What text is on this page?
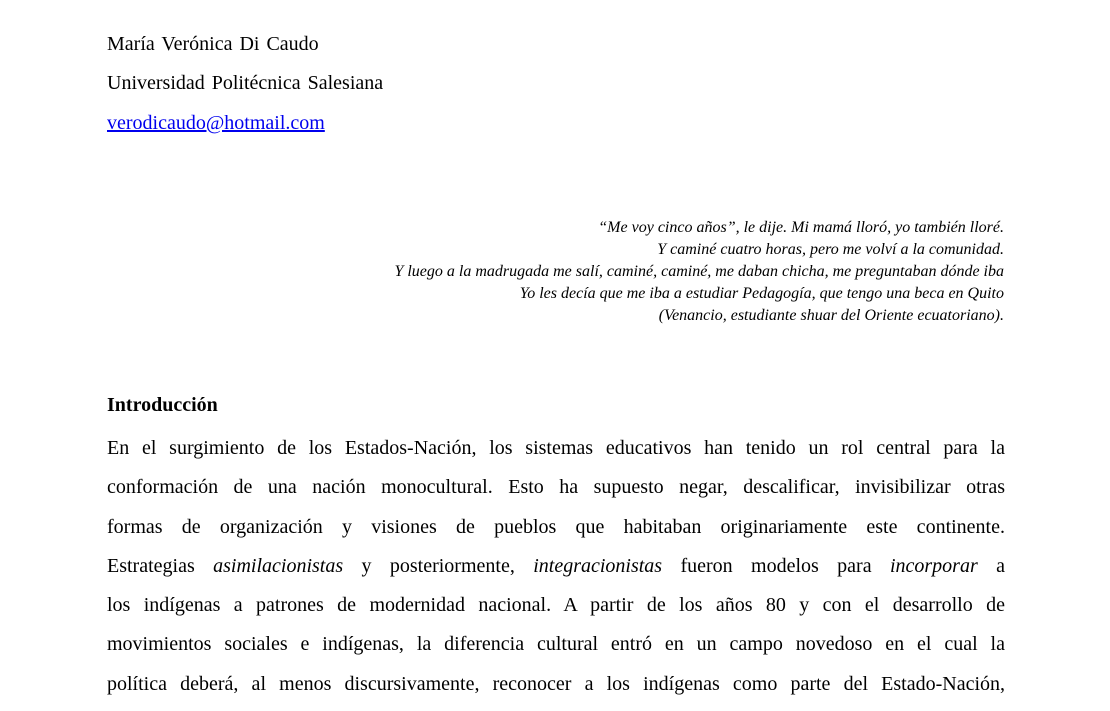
María Verónica Di Caudo
Universidad Politécnica Salesiana
verodicaudo@hotmail.com
“Me voy cinco años”, le dije. Mi mamá lloró, yo también lloré.
Y caminé cuatro horas, pero me volví a la comunidad.
Y luego a la madrugada me salí, caminé, caminé, me daban chicha, me preguntaban dónde iba
Yo les decía que me iba a estudiar Pedagogía, que tengo una beca en Quito
(Venancio, estudiante shuar del Oriente ecuatoriano).
Introducción
En el surgimiento de los Estados-Nación, los sistemas educativos han tenido un rol central para la
conformación de una nación monocultural. Esto ha supuesto negar, descalificar, invisibilizar otras
formas de organización y visiones de pueblos que habitaban originariamente este continente.
Estrategias asimilacionistas y posteriormente, integracionistas fueron modelos para incorporar a
los indígenas a patrones de modernidad nacional. A partir de los años 80 y con el desarrollo de
movimientos sociales e indígenas, la diferencia cultural entró en un campo novedoso en el cual la
política deberá, al menos discursivamente, reconocer a los indígenas como parte del Estado-Nación,
